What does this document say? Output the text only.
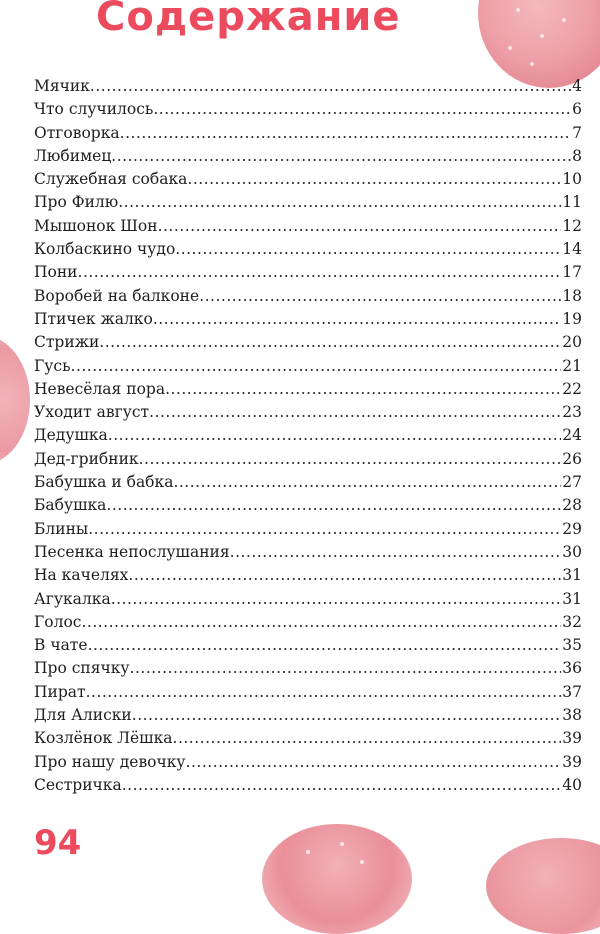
Содержание
Мячик .....	4
Что случилось .....	6
Отговорка .....	7
Любимец .....	8
Служебная собака .....	10
Про Филю .....	11
Мышонок Шон .....	12
Колбаскино чудо .....	14
Пони .....	17
Воробей на балконе .....	18
Птичек жалко .....	19
Стрижи .....	20
Гусь .....	21
Невесёлая пора .....	22
Уходит август .....	23
Дедушка .....	24
Дед-грибник .....	26
Бабушка и бабка .....	27
Бабушка .....	28
Блины .....	29
Песенка непослушания .....	30
На качелях .....	31
Агукалка .....	31
Голос .....	32
В чате .....	35
Про спячку .....	36
Пират .....	37
Для Алиски .....	38
Козлёнок Лёшка .....	39
Про нашу девочку .....	39
Сестричка .....	40
94
